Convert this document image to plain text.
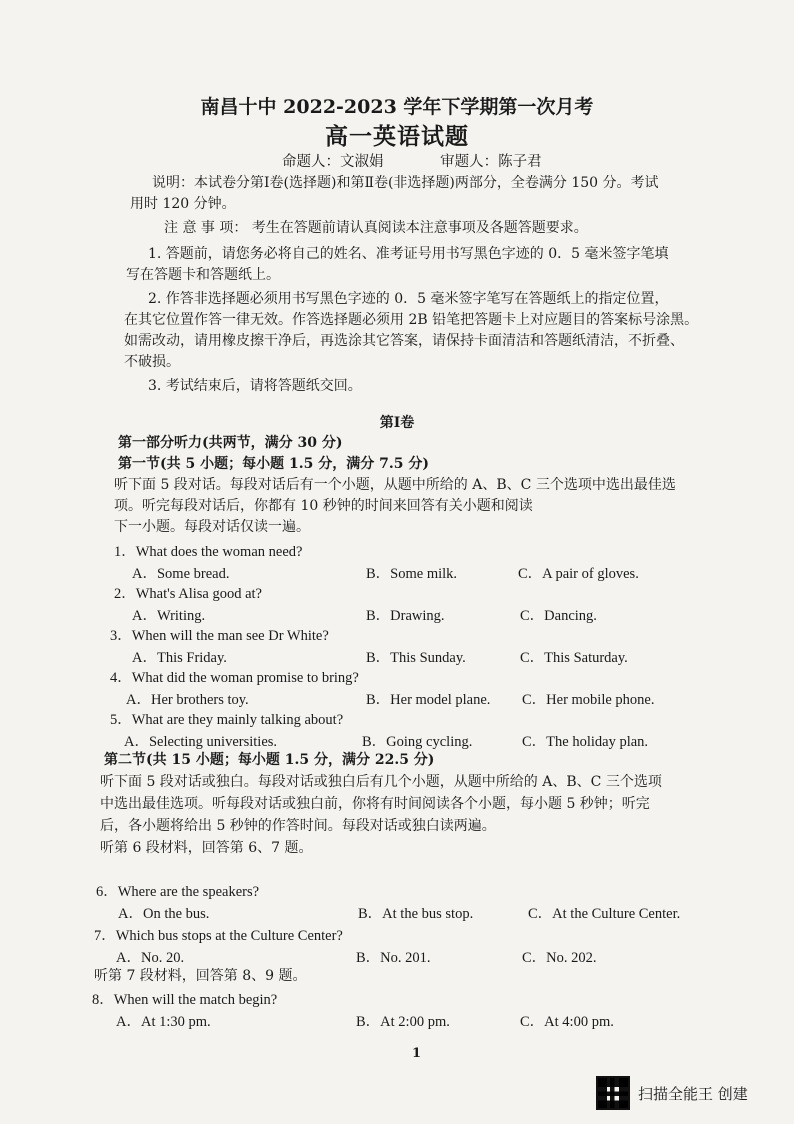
南昌十中 2022-2023 学年下学期第一次月考
高一英语试题
命题人：文淑娟	审题人：陈子君
说明：本试卷分第Ⅰ卷(选择题)和第Ⅱ卷(非选择题)两部分，全卷满分 150 分。考试
用时 120 分钟。
注 意 事 项： 考生在答题前请认真阅读本注意事项及各题答题要求。
1. 答题前，请您务必将自己的姓名、准考证号用书写黑色字迹的 0．5 毫米签字笔填
写在答题卡和答题纸上。
2. 作答非选择题必须用书写黑色字迹的 0．5 毫米签字笔写在答题纸上的指定位置，
在其它位置作答一律无效。作答选择题必须用 2B 铅笔把答题卡上对应题目的答案标号涂黑。
如需改动，请用橡皮擦干净后，再选涂其它答案，请保持卡面清洁和答题纸清洁，不折叠、
不破损。
3. 考试结束后，请将答题纸交回。
第Ⅰ卷
第一部分听力(共两节，满分 30 分)
第一节(共 5 小题；每小题 1.5 分，满分 7.5 分)
听下面 5 段对话。每段对话后有一个小题，从题中所给的 A、B、C 三个选项中选出最佳选
项。听完每段对话后，你都有 10 秒钟的时间来回答有关小题和阅读
下一小题。每段对话仅读一遍。
1．What does the woman need?
A．Some bread.	B．Some milk.	C．A pair of gloves.
2．What's Alisa good at?
A．Writing.	B．Drawing.	C．Dancing.
3．When will the man see Dr White?
A．This Friday.	B．This Sunday.	C．This Saturday.
4．What did the woman promise to bring?
A．Her brothers toy.	B．Her model plane. C．Her mobile phone.
5．What are they mainly talking about?
A．Selecting universities.	B．Going cycling.	C．The holiday plan.
第二节(共 15 小题；每小题 1.5 分，满分 22.5 分)
听下面 5 段对话或独白。每段对话或独白后有几个小题，从题中所给的 A、B、C 三个选项
中选出最佳选项。听每段对话或独白前，你将有时间阅读各个小题，每小题 5 秒钟；听完
后，各小题将给出 5 秒钟的作答时间。每段对话或独白读两遍。
听第 6 段材料，回答第 6、7 题。
6．Where are the speakers?
A．On the bus.	B．At the bus stop.	C．At the Culture Center.
7．Which bus stops at the Culture Center?
A．No. 20.	B．No. 201.	C．No. 202.
听第 7 段材料，回答第 8、9 题。
8．When will the match begin?
A．At 1:30 pm.	B．At 2:00 pm.	C．At 4:00 pm.
1
扫描全能王 创建
